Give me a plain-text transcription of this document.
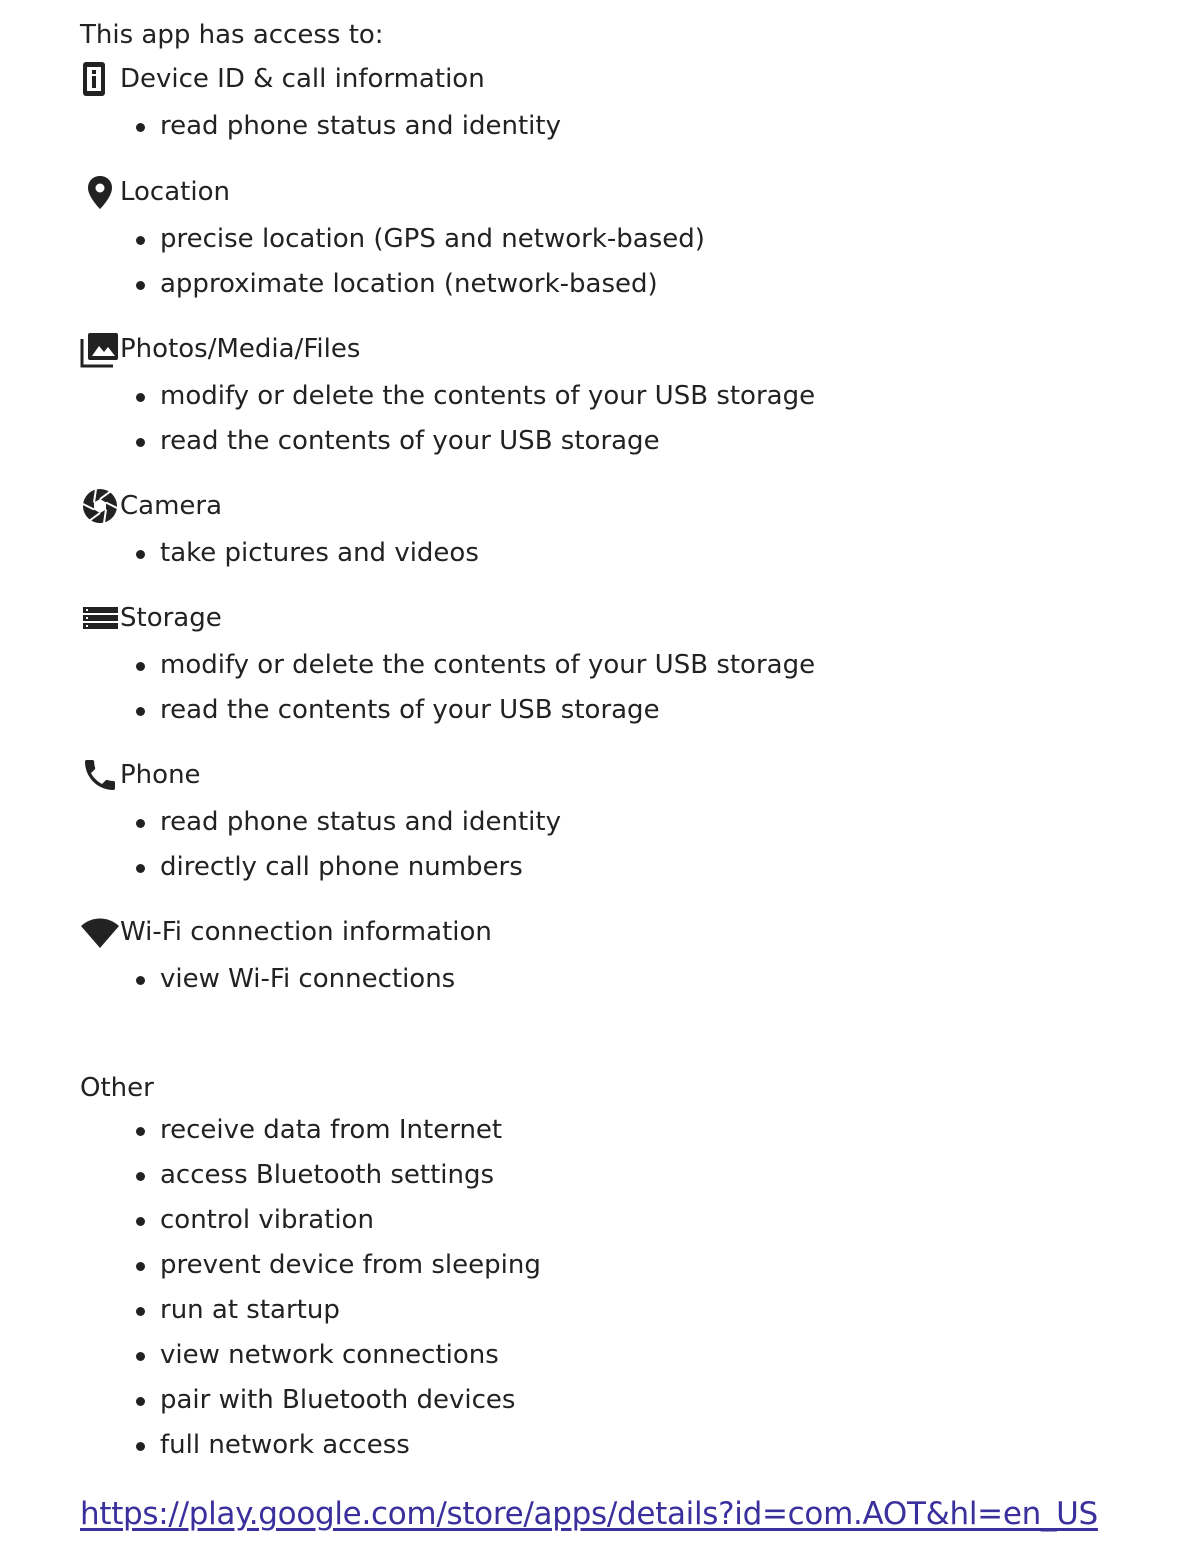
This app has access to:
Device ID & call information
read phone status and identity
Location
precise location (GPS and network-based)
approximate location (network-based)
Photos/Media/Files
modify or delete the contents of your USB storage
read the contents of your USB storage
Camera
take pictures and videos
Storage
modify or delete the contents of your USB storage
read the contents of your USB storage
Phone
read phone status and identity
directly call phone numbers
Wi-Fi connection information
view Wi-Fi connections
Other
receive data from Internet
access Bluetooth settings
control vibration
prevent device from sleeping
run at startup
view network connections
pair with Bluetooth devices
full network access
https://play.google.com/store/apps/details?id=com.AOT&hl=en_US
